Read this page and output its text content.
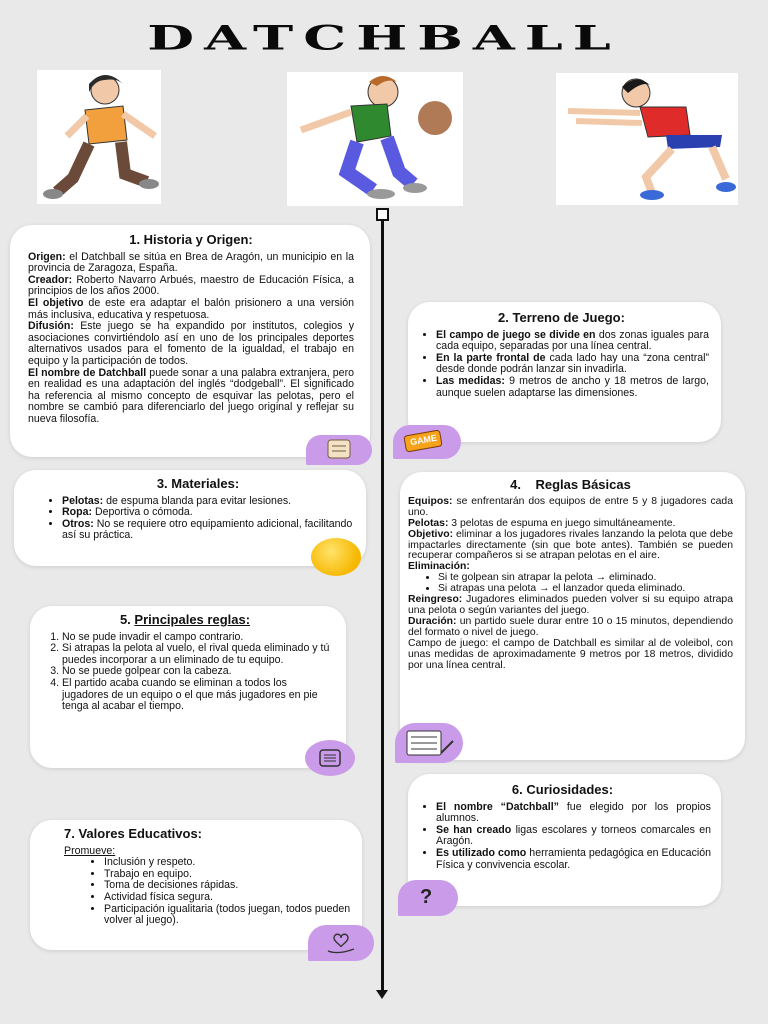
DATCHBALL
1. Historia y Origen:

Origen: el Datchball se sitúa en Brea de Aragón, un municipio en la provincia de Zaragoza, España.
Creador: Roberto Navarro Arbués, maestro de Educación Física, a principios de los años 2000.
El objetivo de este era adaptar el balón prisionero a una versión más inclusiva, educativa y respetuosa.
Difusión: Este juego se ha expandido por institutos, colegios y asociaciones convirtiéndolo así en uno de los principales deportes alternativos usados para el fomento de la igualdad, el trabajo en equipo y la participación de todos.
El nombre de Datchball puede sonar a una palabra extranjera, pero en realidad es una adaptación del inglés “dodgeball”. El significado ha referencia al mismo concepto de esquivar las pelotas, pero el nombre se cambió para diferenciarlo del juego original y reflejar su nueva filosofía.

2. Terreno de Juego:
• El campo de juego se divide en dos zonas iguales para cada equipo, separadas por una línea central.
• En la parte frontal de cada lado hay una “zona central” desde donde podrán lanzar sin invadirla.
• Las medidas: 9 metros de ancho y 18 metros de largo, aunque suelen adaptarse las dimensiones.
GAME
3. Materiales:
• Pelotas: de espuma blanda para evitar lesiones.
• Ropa: Deportiva o cómoda.
• Otros: No se requiere otro equipamiento adicional, facilitando así su práctica.
4.    Reglas Básicas

Equipos: se enfrentarán dos equipos de entre 5 y 8 jugadores cada uno.
Pelotas: 3 pelotas de espuma en juego simultáneamente.
Objetivo: eliminar a los jugadores rivales lanzando la pelota que debe impactarles directamente (sin que bote antes). También se pueden recuperar compañeros si se atrapan pelotas en el aire.
Eliminación:

• Si te golpean sin atrapar la pelota → eliminado.
• Si atrapas una pelota → el lanzador queda eliminado.

Reingreso: Jugadores eliminados pueden volver si su equipo atrapa una pelota o según variantes del juego.
Duración: un partido suele durar entre 10 o 15 minutos, dependiendo del formato o nivel de juego.
Campo de juego: el campo de Datchball es similar al de voleibol, con unas medidas de aproximadamente 9 metros por 18 metros, dividido por una línea central.

5. Principales reglas:
1. No se pude invadir el campo contrario.
2. Si atrapas la pelota al vuelo, el rival queda eliminado y tú puedes incorporar a un eliminado de tu equipo.
3. No se puede golpear con la cabeza.
4. El partido acaba cuando se eliminan a todos los jugadores de un equipo o el que más jugadores en pie tenga al acabar el tiempo.
6. Curiosidades:
• El nombre “Datchball” fue elegido por los propios alumnos.
• Se han creado ligas escolares y torneos comarcales en Aragón.
• Es utilizado como herramienta pedagógica en Educación Física y convivencia escolar.
?
7. Valores Educativos:
Promueve:
• Inclusión y respeto.
• Trabajo en equipo.
• Toma de decisiones rápidas.
• Actividad física segura.
• Participación igualitaria (todos juegan, todos pueden volver al juego).
